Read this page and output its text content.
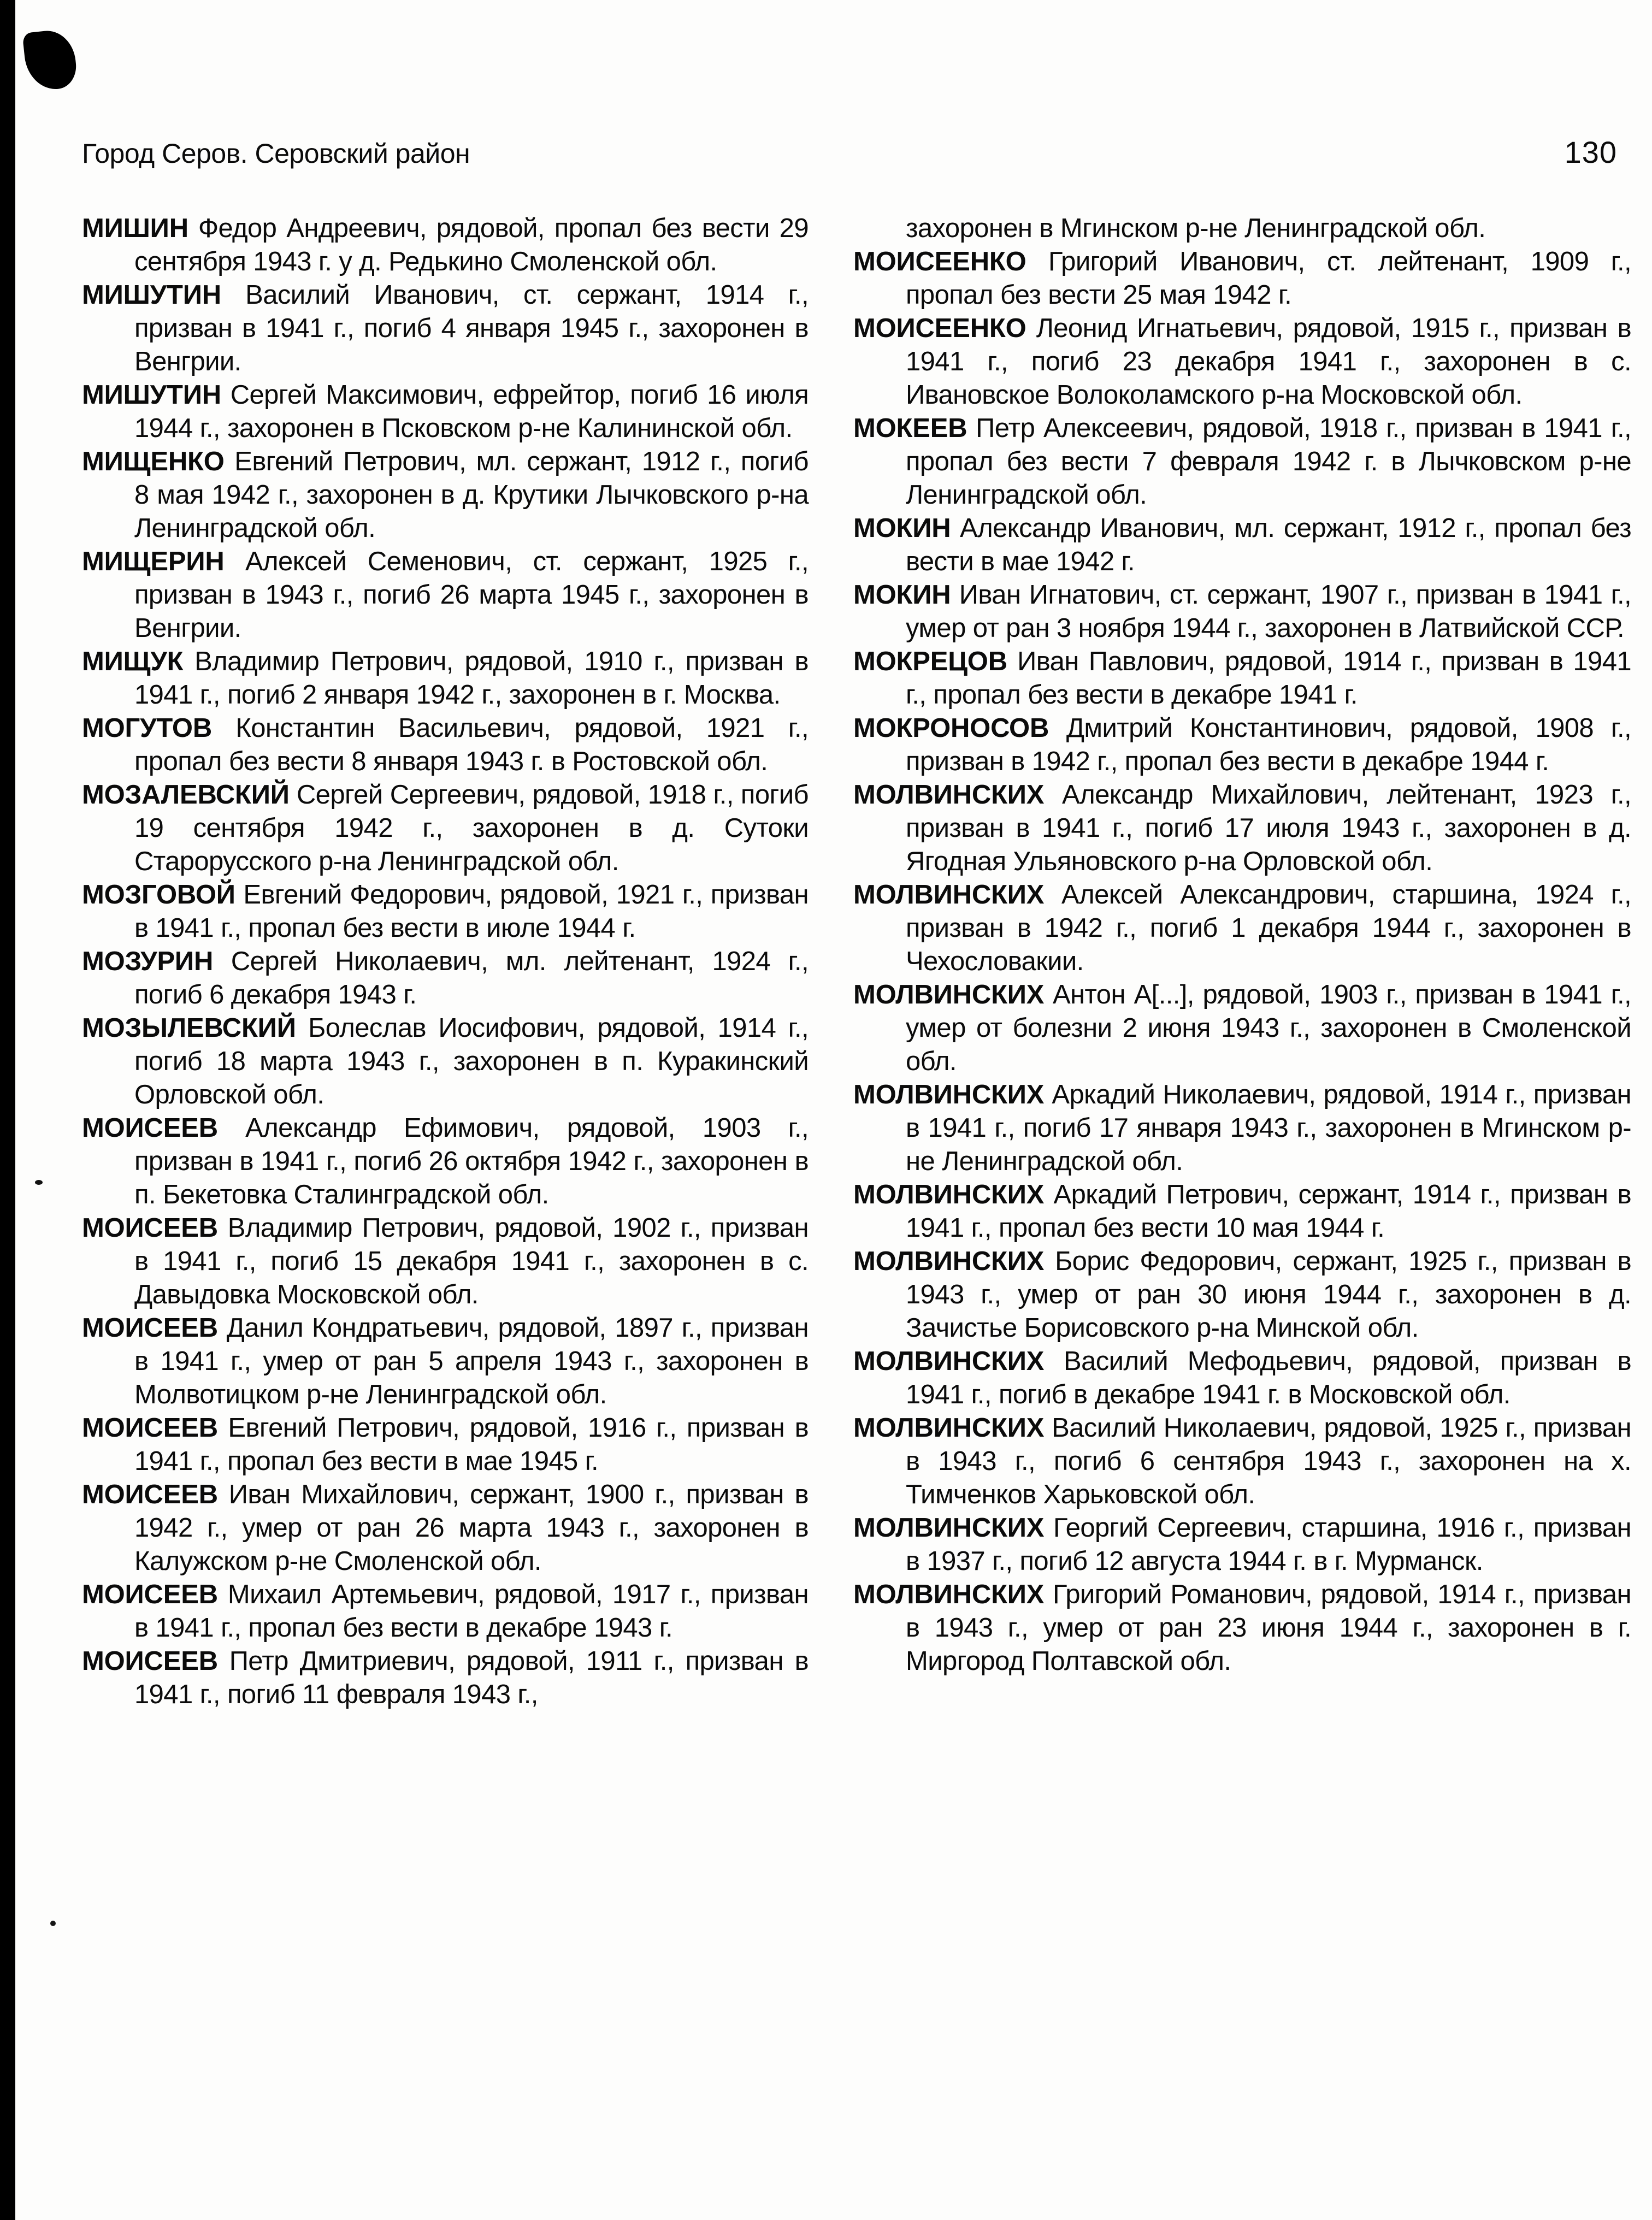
Город Серов. Серовский район	130

МИШИН Федор Андреевич, рядовой, пропал без вести 29 сентября 1943 г. у д. Редькино Смоленской обл.

МИШУТИН Василий Иванович, ст. сержант, 1914 г., призван в 1941 г., погиб 4 января 1945 г., захоронен в Венгрии.

МИШУТИН Сергей Максимович, ефрейтор, погиб 16 июля 1944 г., захоронен в Псковском р-не Калининской обл.

МИЩЕНКО Евгений Петрович, мл. сержант, 1912 г., погиб 8 мая 1942 г., захоронен в д. Крутики Лычковского р-на Ленинградской обл.

МИЩЕРИН Алексей Семенович, ст. сержант, 1925 г., призван в 1943 г., погиб 26 марта 1945 г., захоронен в Венгрии.

МИЩУК Владимир Петрович, рядовой, 1910 г., призван в 1941 г., погиб 2 января 1942 г., захоронен в г. Москва.

МОГУТОВ Константин Васильевич, рядовой, 1921 г., пропал без вести 8 января 1943 г. в Ростовской обл.

МОЗАЛЕВСКИЙ Сергей Сергеевич, рядовой, 1918 г., погиб 19 сентября 1942 г., захоронен в д. Сутоки Старорусского р-на Ленинградской обл.

МОЗГОВОЙ Евгений Федорович, рядовой, 1921 г., призван в 1941 г., пропал без вести в июле 1944 г.

МОЗУРИН Сергей Николаевич, мл. лейтенант, 1924 г., погиб 6 декабря 1943 г.

МОЗЫЛЕВСКИЙ Болеслав Иосифович, рядовой, 1914 г., погиб 18 марта 1943 г., захоронен в п. Куракинский Орловской обл.

МОИСЕЕВ Александр Ефимович, рядовой, 1903 г., призван в 1941 г., погиб 26 октября 1942 г., захоронен в п. Бекетовка Сталинградской обл.

МОИСЕЕВ Владимир Петрович, рядовой, 1902 г., призван в 1941 г., погиб 15 декабря 1941 г., захоронен в с. Давыдовка Московской обл.

МОИСЕЕВ Данил Кондратьевич, рядовой, 1897 г., призван в 1941 г., умер от ран 5 апреля 1943 г., захоронен в Молвотицком р-не Ленинградской обл.

МОИСЕЕВ Евгений Петрович, рядовой, 1916 г., призван в 1941 г., пропал без вести в мае 1945 г.

МОИСЕЕВ Иван Михайлович, сержант, 1900 г., призван в 1942 г., умер от ран 26 марта 1943 г., захоронен в Калужском р-не Смоленской обл.

МОИСЕЕВ Михаил Артемьевич, рядовой, 1917 г., призван в 1941 г., пропал без вести в декабре 1943 г.

МОИСЕЕВ Петр Дмитриевич, рядовой, 1911 г., призван в 1941 г., погиб 11 февраля 1943 г.,

захоронен в Мгинском р-не Ленинградской обл.

МОИСЕЕНКО Григорий Иванович, ст. лейтенант, 1909 г., пропал без вести 25 мая 1942 г.

МОИСЕЕНКО Леонид Игнатьевич, рядовой, 1915 г., призван в 1941 г., погиб 23 декабря 1941 г., захоронен в с. Ивановское Волоколамского р-на Московской обл.

МОКЕЕВ Петр Алексеевич, рядовой, 1918 г., призван в 1941 г., пропал без вести 7 февраля 1942 г. в Лычковском р-не Ленинградской обл.

МОКИН Александр Иванович, мл. сержант, 1912 г., пропал без вести в мае 1942 г.

МОКИН Иван Игнатович, ст. сержант, 1907 г., призван в 1941 г., умер от ран 3 ноября 1944 г., захоронен в Латвийской ССР.

МОКРЕЦОВ Иван Павлович, рядовой, 1914 г., призван в 1941 г., пропал без вести в декабре 1941 г.

МОКРОНОСОВ Дмитрий Константинович, рядовой, 1908 г., призван в 1942 г., пропал без вести в декабре 1944 г.

МОЛВИНСКИХ Александр Михайлович, лейтенант, 1923 г., призван в 1941 г., погиб 17 июля 1943 г., захоронен в д. Ягодная Ульяновского р-на Орловской обл.

МОЛВИНСКИХ Алексей Александрович, старшина, 1924 г., призван в 1942 г., погиб 1 декабря 1944 г., захоронен в Чехословакии.

МОЛВИНСКИХ Антон А[...], рядовой, 1903 г., призван в 1941 г., умер от болезни 2 июня 1943 г., захоронен в Смоленской обл.

МОЛВИНСКИХ Аркадий Николаевич, рядовой, 1914 г., призван в 1941 г., погиб 17 января 1943 г., захоронен в Мгинском р-не Ленинградской обл.

МОЛВИНСКИХ Аркадий Петрович, сержант, 1914 г., призван в 1941 г., пропал без вести 10 мая 1944 г.

МОЛВИНСКИХ Борис Федорович, сержант, 1925 г., призван в 1943 г., умер от ран 30 июня 1944 г., захоронен в д. Зачистье Борисовского р-на Минской обл.

МОЛВИНСКИХ Василий Мефодьевич, рядовой, призван в 1941 г., погиб в декабре 1941 г. в Московской обл.

МОЛВИНСКИХ Василий Николаевич, рядовой, 1925 г., призван в 1943 г., погиб 6 сентября 1943 г., захоронен на х. Тимченков Харьковской обл.

МОЛВИНСКИХ Георгий Сергеевич, старшина, 1916 г., призван в 1937 г., погиб 12 августа 1944 г. в г. Мурманск.

МОЛВИНСКИХ Григорий Романович, рядовой, 1914 г., призван в 1943 г., умер от ран 23 июня 1944 г., захоронен в г. Миргород Полтавской обл.
